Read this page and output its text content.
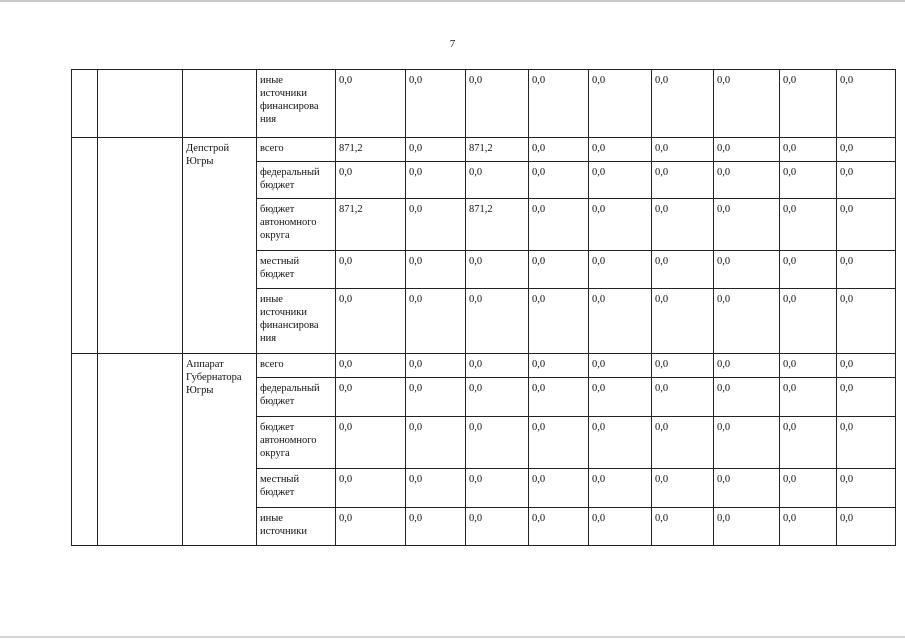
7
			иные
источники
финансирова
ния	0,0	0,0	0,0	0,0	0,0	0,0	0,0	0,0	0,0
		Депстрой
Югры	всего	871,2	0,0	871,2	0,0	0,0	0,0	0,0	0,0	0,0
			федеральный
бюджет	0,0	0,0	0,0	0,0	0,0	0,0	0,0	0,0	0,0
			бюджет
автономного
округа	871,2	0,0	871,2	0,0	0,0	0,0	0,0	0,0	0,0
			местный
бюджет	0,0	0,0	0,0	0,0	0,0	0,0	0,0	0,0	0,0
			иные
источники
финансирова
ния	0,0	0,0	0,0	0,0	0,0	0,0	0,0	0,0	0,0
		Аппарат
Губернатора
Югры	всего	0,0	0,0	0,0	0,0	0,0	0,0	0,0	0,0	0,0
			федеральный
бюджет	0,0	0,0	0,0	0,0	0,0	0,0	0,0	0,0	0,0
			бюджет
автономного
округа	0,0	0,0	0,0	0,0	0,0	0,0	0,0	0,0	0,0
			местный
бюджет	0,0	0,0	0,0	0,0	0,0	0,0	0,0	0,0	0,0
			иные
источники	0,0	0,0	0,0	0,0	0,0	0,0	0,0	0,0	0,0
